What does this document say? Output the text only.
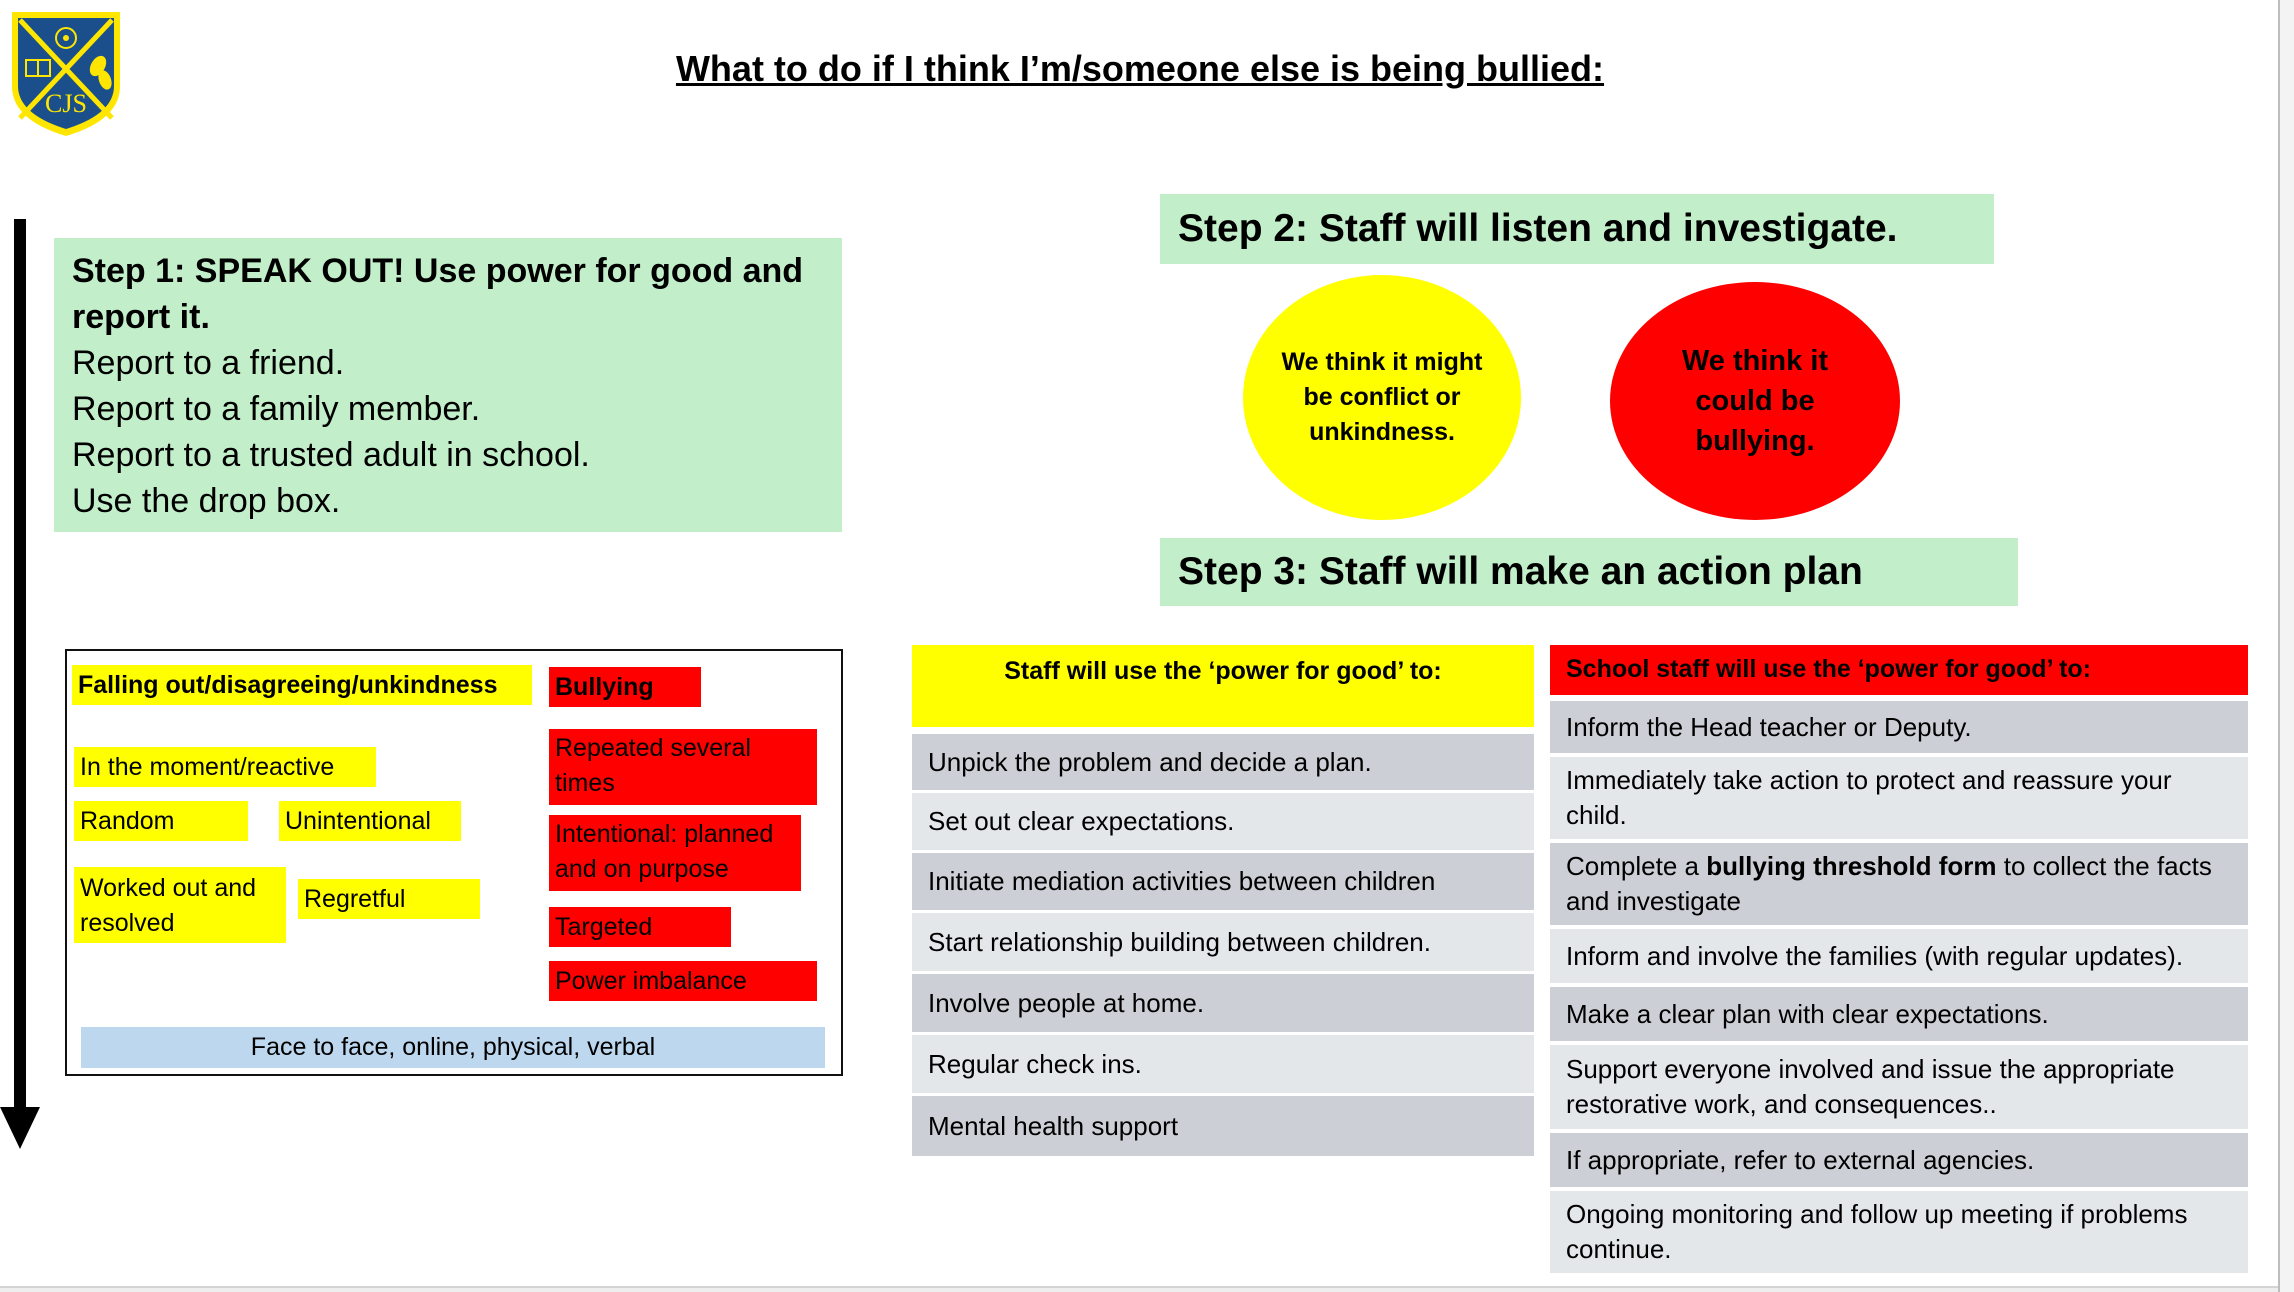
CJS
What to do if I think I’m/someone else is being bullied:
Step 1: SPEAK OUT! Use power for good and report it.
Report to a friend.
Report to a family member.
Report to a trusted adult in school.
Use the drop box.
Falling out/disagreeing/unkindness	Bullying
In the moment/reactive
Random	Unintentional
Worked out and resolved
Regretful
Repeated several times
Intentional: planned and on purpose
Targeted
Power imbalance
Face to face, online, physical, verbal
Step 2: Staff will listen and investigate.
We think it might be conflict or unkindness.
We think it could be bullying.
Step 3: Staff will make an action plan
Staff will use the ‘power for good’ to:
Unpick the problem and decide a plan.
Set out clear expectations.
Initiate mediation activities between children
Start relationship building between children.
Involve people at home.
Regular check ins.
Mental health support
School staff will use the ‘power for good’ to:
Inform the Head teacher or Deputy.
Immediately take action to protect and reassure your child.
Complete a bullying threshold form to collect the facts and investigate
Inform and involve the families (with regular updates).
Make a clear plan with clear expectations.
Support everyone involved and issue the appropriate restorative work, and consequences..
If appropriate, refer to external agencies.
Ongoing monitoring and follow up meeting if problems continue.
